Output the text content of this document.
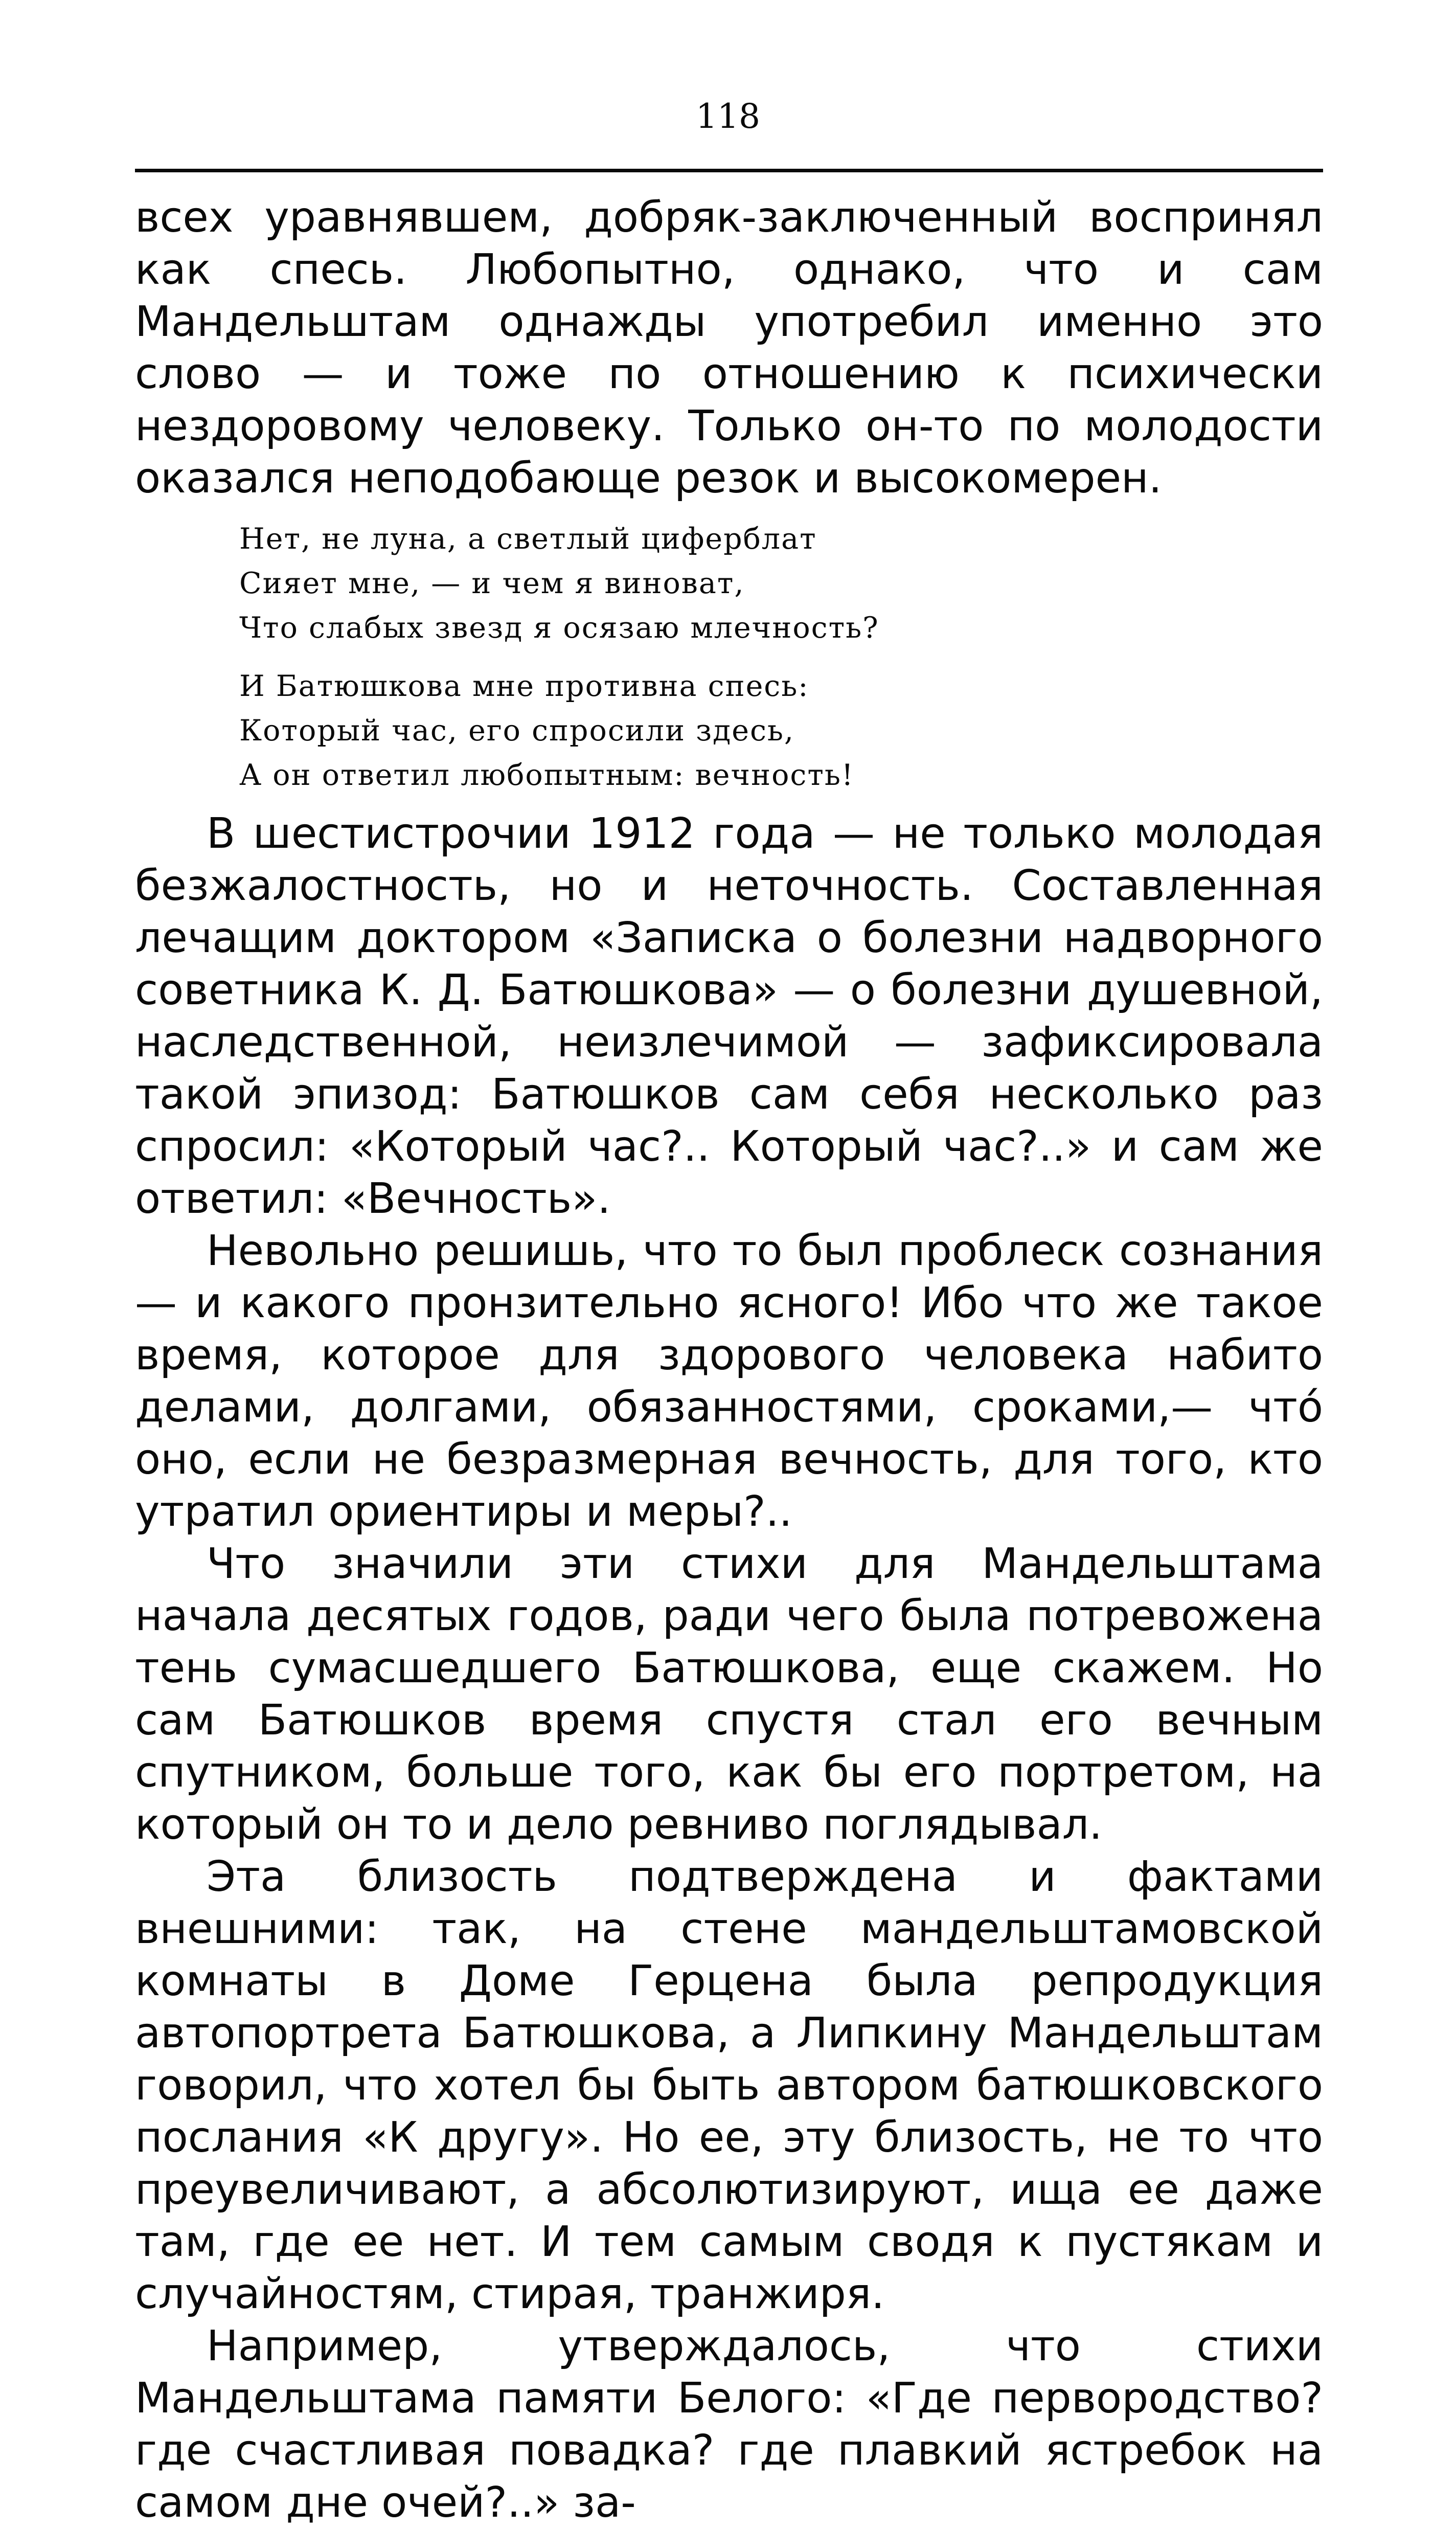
118

всех уравнявшем, добряк-заключенный воспринял как спесь. Любопытно, однако, что и сам Мандельштам однажды употребил именно это слово — и тоже по отношению к психически нездоровому человеку. Только он-то по молодости оказался неподобающе резок и высокомерен.

Нет, не луна, а светлый циферблат
Сияет мне, — и чем я виноват,
Что слабых звезд я осязаю млечность?
И Батюшкова мне противна спесь:
Который час, его спросили здесь,
А он ответил любопытным: вечность!

В шестистрочии 1912 года — не только молодая безжалостность, но и неточность. Составленная лечащим доктором «Записка о болезни надворного советника К. Д. Батюшкова» — о болезни душевной, наследственной, неизлечимой — зафиксировала такой эпизод: Батюшков сам себя несколько раз спросил: «Который час?.. Который час?..» и сам же ответил: «Вечность».

Невольно решишь, что то был проблеск сознания — и какого пронзительно ясного! Ибо что же такое время, которое для здорового человека набито делами, долгами, обязанностями, сроками,— что́ оно, если не безразмерная вечность, для того, кто утратил ориентиры и меры?..

Что значили эти стихи для Мандельштама начала десятых годов, ради чего была потревожена тень сумасшедшего Батюшкова, еще скажем. Но сам Батюшков время спустя стал его вечным спутником, больше того, как бы его портретом, на который он то и дело ревниво поглядывал.

Эта близость подтверждена и фактами внешними: так, на стене мандельштамовской комнаты в Доме Герцена была репродукция автопортрета Батюшкова, а Липкину Мандельштам говорил, что хотел бы быть автором батюшковского послания «К другу». Но ее, эту близость, не то что преувеличивают, а абсолютизируют, ища ее даже там, где ее нет. И тем самым сводя к пустякам и случайностям, стирая, транжиря.

Например, утверждалось, что стихи Мандельштама памяти Белого: «Где первородство? где счастливая повадка? где плавкий ястребок на самом дне очей?..» за-
